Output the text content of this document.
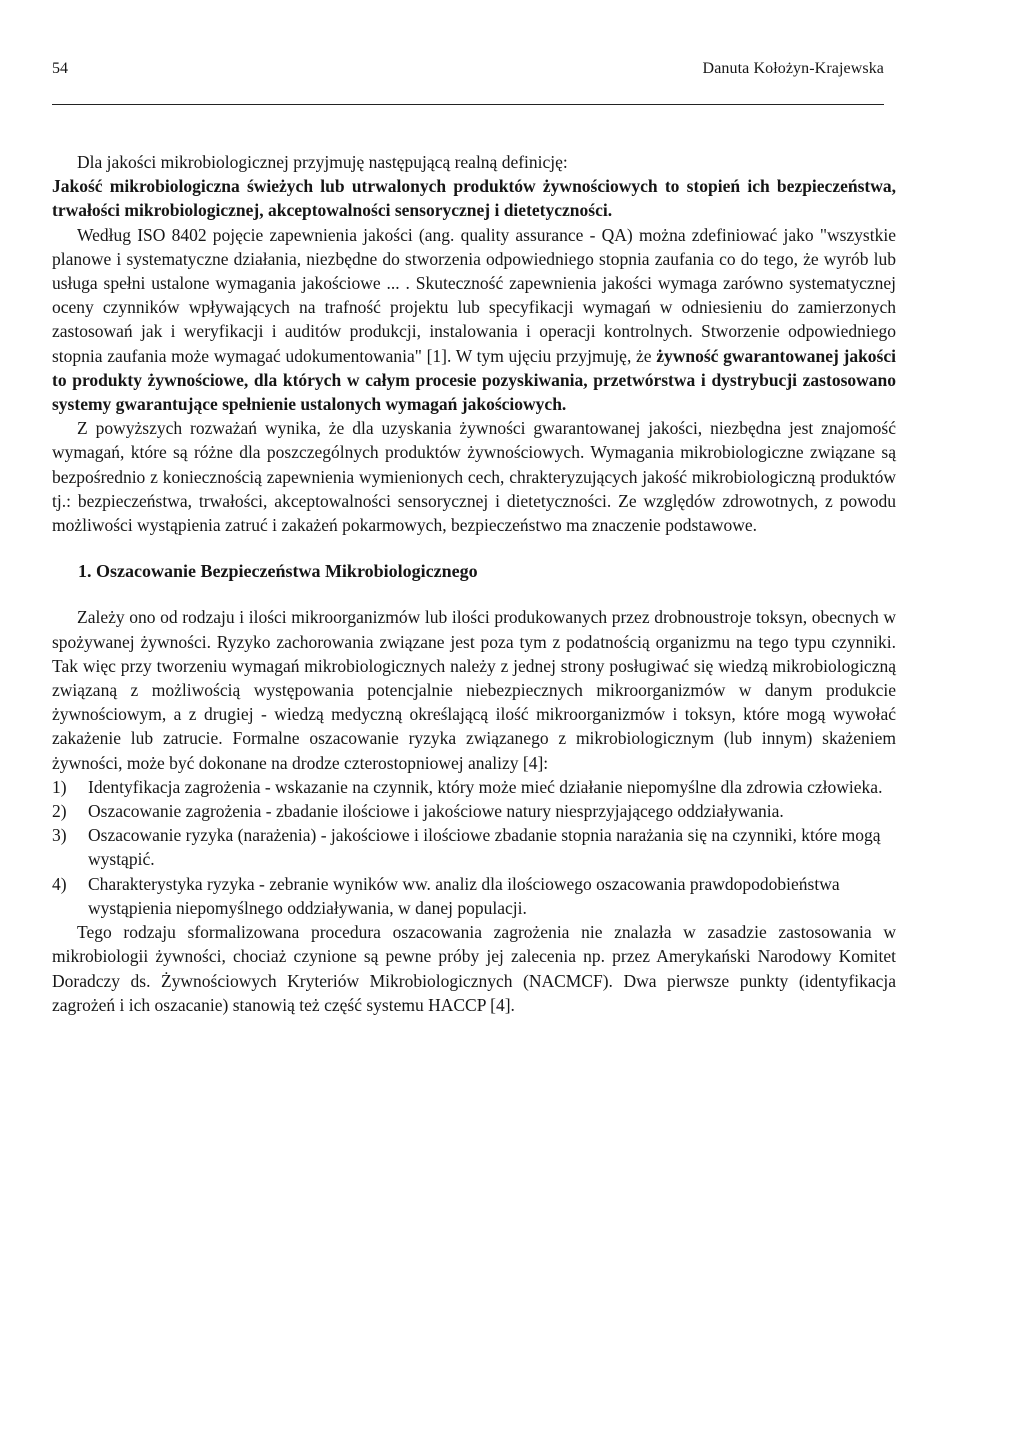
54	Danuta Kołożyn-Krajewska

Dla jakości mikrobiologicznej przyjmuję następującą realną definicję:

Jakość mikrobiologiczna świeżych lub utrwalonych produktów żywnościowych to stopień ich bezpieczeństwa, trwałości mikrobiologicznej, akceptowalności sensorycznej i dietetyczności.

Według ISO 8402 pojęcie zapewnienia jakości (ang. quality assurance - QA) można zdefiniować jako "wszystkie planowe i systematyczne działania, niezbędne do stworzenia odpowiedniego stopnia zaufania co do tego, że wyrób lub usługa spełni ustalone wymagania jakościowe ... . Skuteczność zapewnienia jakości wymaga zarówno systematycznej oceny czynników wpływających na trafność projektu lub specyfikacji wymagań w odniesieniu do zamierzonych zastosowań jak i weryfikacji i auditów produkcji, instalowania i operacji kontrolnych. Stworzenie odpowiedniego stopnia zaufania może wymagać udokumentowania" [1]. W tym ujęciu przyjmuję, że żywność gwarantowanej jakości to produkty żywnościowe, dla których w całym procesie pozyskiwania, przetwórstwa i dystrybucji zastosowano systemy gwarantujące spełnienie ustalonych wymagań jakościowych.

Z powyższych rozważań wynika, że dla uzyskania żywności gwarantowanej jakości, niezbędna jest znajomość wymagań, które są różne dla poszczególnych produktów żywnościowych. Wymagania mikrobiologiczne związane są bezpośrednio z koniecznością zapewnienia wymienionych cech, chrakteryzujących jakość mikrobiologiczną produktów tj.: bezpieczeństwa, trwałości, akceptowalności sensorycznej i dietetyczności. Ze względów zdrowotnych, z powodu możliwości wystąpienia zatruć i zakażeń pokarmowych, bezpieczeństwo ma znaczenie podstawowe.

1. Oszacowanie Bezpieczeństwa Mikrobiologicznego

Zależy ono od rodzaju i ilości mikroorganizmów lub ilości produkowanych przez drobnoustroje toksyn, obecnych w spożywanej żywności. Ryzyko zachorowania związane jest poza tym z podatnością organizmu na tego typu czynniki. Tak więc przy tworzeniu wymagań mikrobiologicznych należy z jednej strony posługiwać się wiedzą mikrobiologiczną związaną z możliwością występowania potencjalnie niebezpiecznych mikroorganizmów w danym produkcie żywnościowym, a z drugiej - wiedzą medyczną określającą ilość mikroorganizmów i toksyn, które mogą wywołać zakażenie lub zatrucie. Formalne oszacowanie ryzyka związanego z mikrobiologicznym (lub innym) skażeniem żywności, może być dokonane na drodze czterostopniowej analizy [4]:

1) Identyfikacja zagrożenia - wskazanie na czynnik, który może mieć działanie niepomyślne dla zdrowia człowieka.
2) Oszacowanie zagrożenia - zbadanie ilościowe i jakościowe natury niesprzyjającego oddziaływania.
3) Oszacowanie ryzyka (narażenia) - jakościowe i ilościowe zbadanie stopnia narażania się na czynniki, które mogą wystąpić.
4) Charakterystyka ryzyka - zebranie wyników ww. analiz dla ilościowego oszacowania prawdopodobieństwa wystąpienia niepomyślnego oddziaływania, w danej populacji.

Tego rodzaju sformalizowana procedura oszacowania zagrożenia nie znalazła w zasadzie zastosowania w mikrobiologii żywności, chociaż czynione są pewne próby jej zalecenia np. przez Amerykański Narodowy Komitet Doradczy ds. Żywnościowych Kryteriów Mikrobiologicznych (NACMCF). Dwa pierwsze punkty (identyfikacja zagrożeń i ich oszacanie) stanowią też część systemu HACCP [4].
